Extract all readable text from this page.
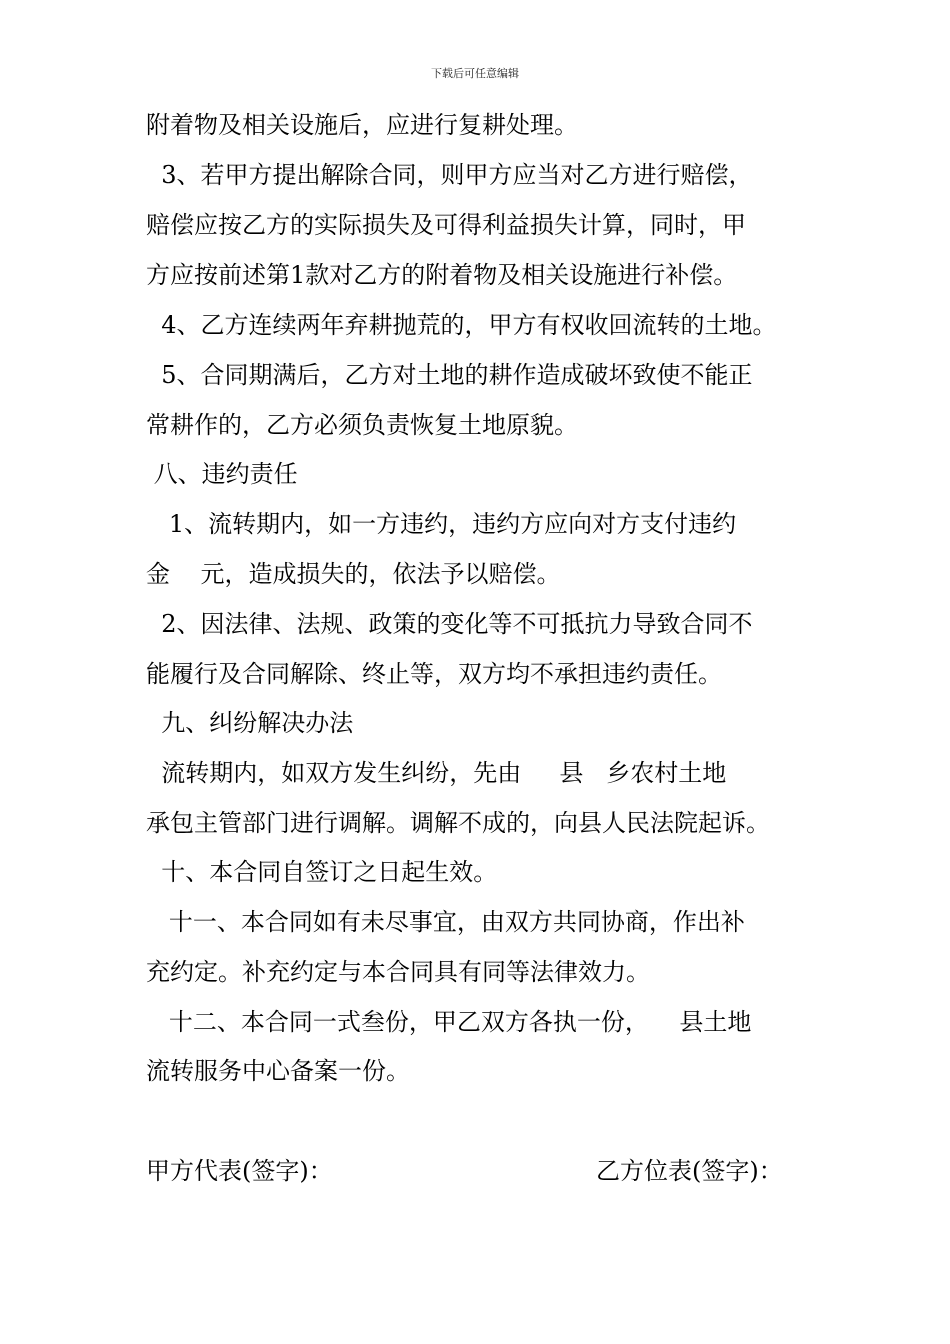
下载后可任意编辑
附着物及相关设施后，应进行复耕处理。
3、若甲方提出解除合同，则甲方应当对乙方进行赔偿，
赔偿应按乙方的实际损失及可得利益损失计算，同时，甲
方应按前述第1款对乙方的附着物及相关设施进行补偿。
4、乙方连续两年弃耕抛荒的，甲方有权收回流转的土地。
5、合同期满后，乙方对土地的耕作造成破坏致使不能正
常耕作的，乙方必须负责恢复土地原貌。
八、违约责任
1、流转期内，如一方违约，违约方应向对方支付违约
金    元，造成损失的，依法予以赔偿。
2、因法律、法规、政策的变化等不可抵抗力导致合同不
能履行及合同解除、终止等，双方均不承担违约责任。
九、纠纷解决办法
流转期内，如双方发生纠纷，先由     县   乡农村土地
承包主管部门进行调解。调解不成的，向县人民法院起诉。
十、本合同自签订之日起生效。
十一、本合同如有未尽事宜，由双方共同协商，作出补
充约定。补充约定与本合同具有同等法律效力。
十二、本合同一式叁份，甲乙双方各执一份，    县土地
流转服务中心备案一份。
甲方代表(签字)：	乙方位表(签字)：
